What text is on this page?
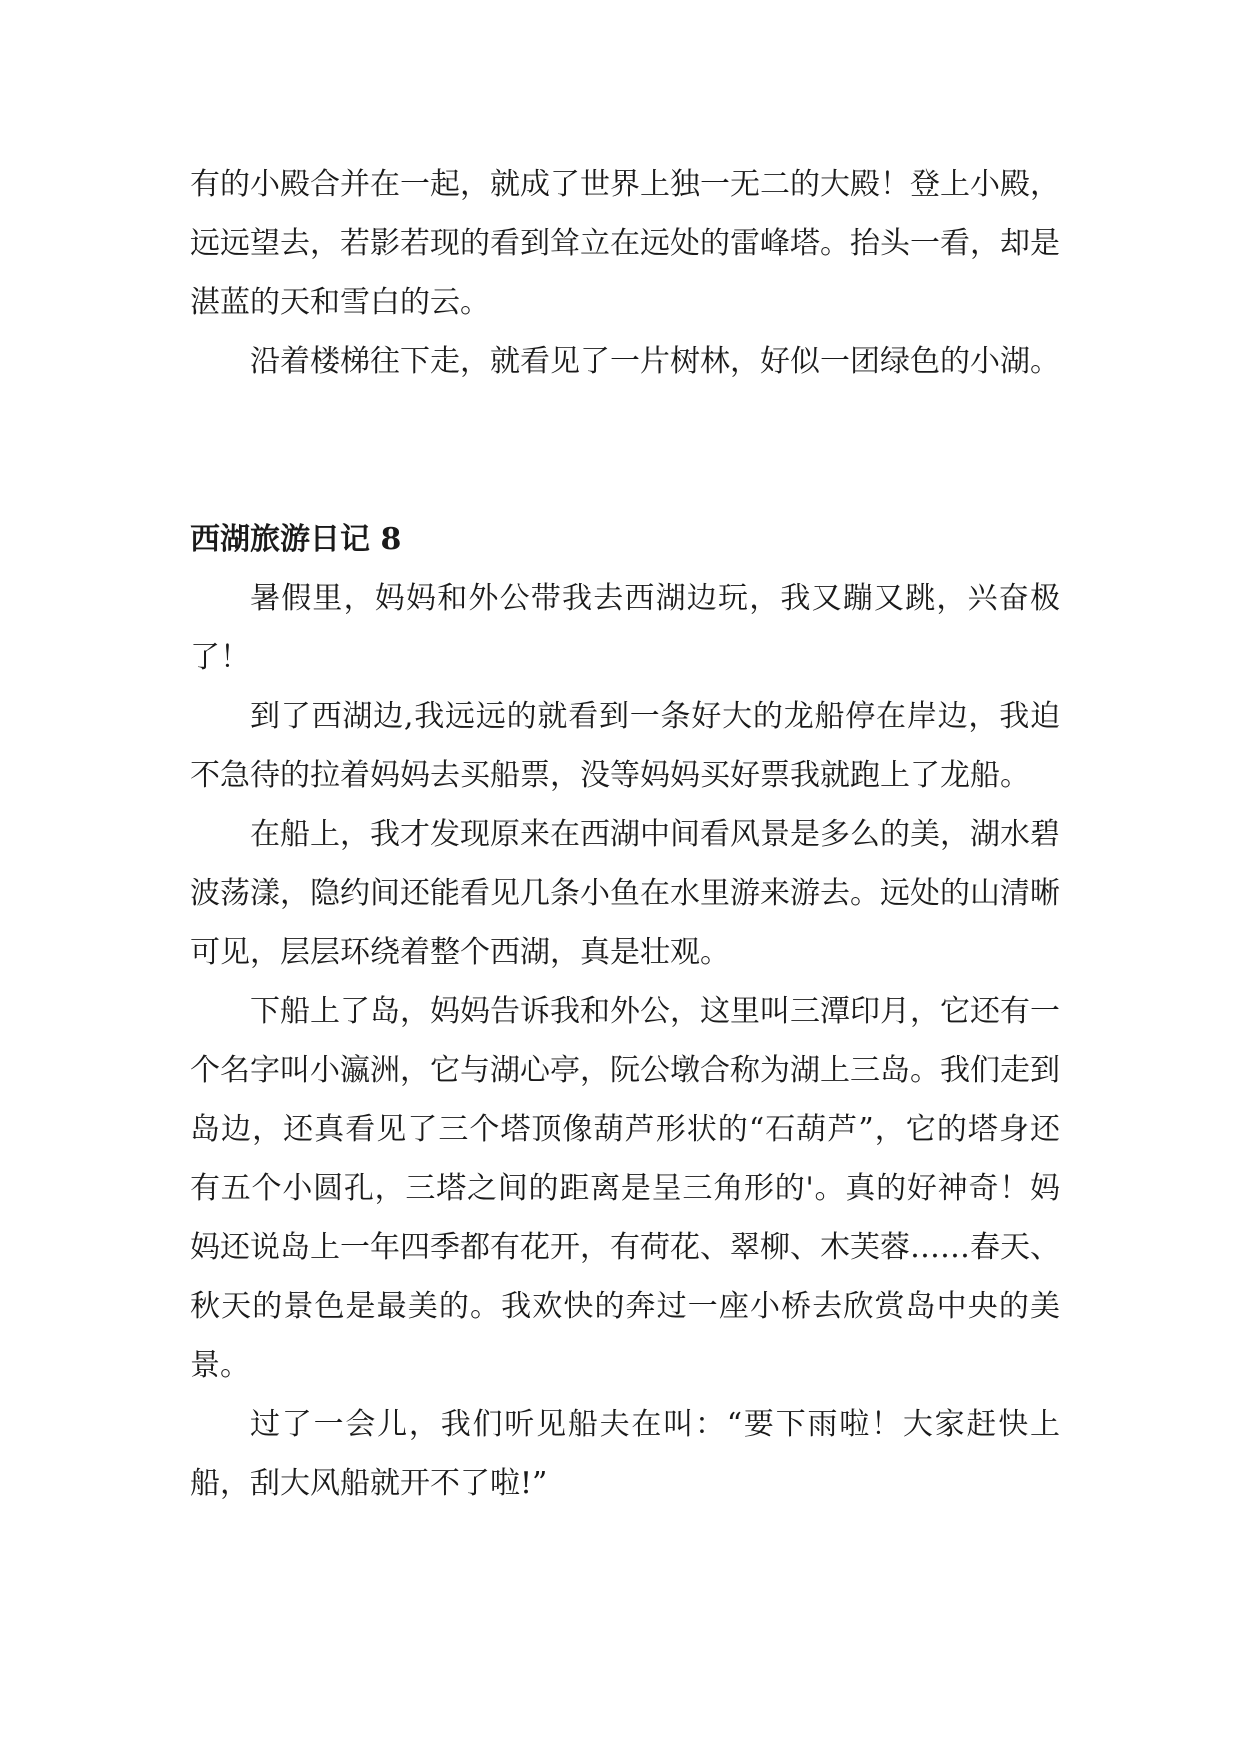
有的小殿合并在一起，就成了世界上独一无二的大殿！登上小殿，远远望去，若影若现的看到耸立在远处的雷峰塔。抬头一看，却是湛蓝的天和雪白的云。

沿着楼梯往下走，就看见了一片树林，好似一团绿色的小湖。

西湖旅游日记 8

暑假里，妈妈和外公带我去西湖边玩，我又蹦又跳，兴奋极了！

到了西湖边,我远远的就看到一条好大的龙船停在岸边，我迫不急待的拉着妈妈去买船票，没等妈妈买好票我就跑上了龙船。

在船上，我才发现原来在西湖中间看风景是多么的美，湖水碧波荡漾，隐约间还能看见几条小鱼在水里游来游去。远处的山清晰可见，层层环绕着整个西湖，真是壮观。

下船上了岛，妈妈告诉我和外公，这里叫三潭印月，它还有一个名字叫小瀛洲，它与湖心亭，阮公墩合称为湖上三岛。我们走到岛边，还真看见了三个塔顶像葫芦形状的“石葫芦”，它的塔身还有五个小圆孔，三塔之间的距离是呈三角形的'。真的好神奇！妈妈还说岛上一年四季都有花开，有荷花、翠柳、木芙蓉……春天、秋天的景色是最美的。我欢快的奔过一座小桥去欣赏岛中央的美景。

过了一会儿，我们听见船夫在叫：“要下雨啦！大家赶快上船，刮大风船就开不了啦!”
